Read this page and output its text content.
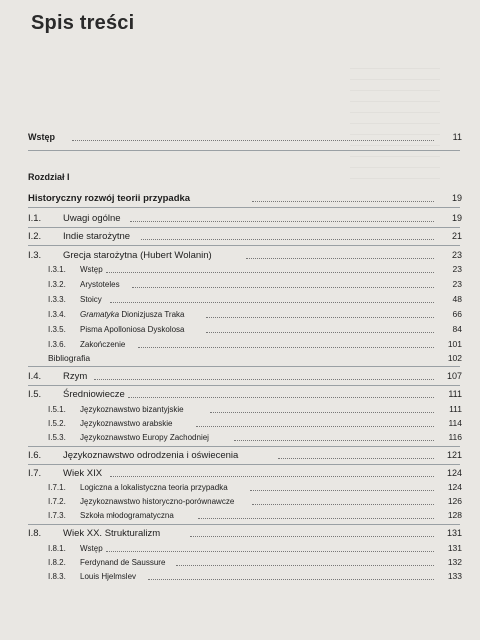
Spis treści
Wstęp	11
Rozdział I
Historyczny rozwój teorii przypadka	19
I.1. Uwagi ogólne	19
I.2. Indie starożytne	21
I.3. Grecja starożytna (Hubert Wolanin)	23
I.3.1. Wstęp	23
I.3.2. Arystoteles	23
I.3.3. Stoicy	48
I.3.4. Gramatyka Dionizjusza Traka	66
I.3.5. Pisma Apolloniosa Dyskolosa	84
I.3.6. Zakończenie	101
Bibliografia	102
I.4. Rzym	107
I.5. Średniowiecze	111
I.5.1. Językoznawstwo bizantyjskie	111
I.5.2. Językoznawstwo arabskie	114
I.5.3. Językoznawstwo Europy Zachodniej	116
I.6. Językoznawstwo odrodzenia i oświecenia	121
I.7. Wiek XIX	124
I.7.1. Logiczna a lokalistyczna teoria przypadka	124
I.7.2. Językoznawstwo historyczno-porównawcze	126
I.7.3. Szkoła młodogramatyczna	128
I.8. Wiek XX. Strukturalizm	131
I.8.1. Wstęp	131
I.8.2. Ferdynand de Saussure	132
I.8.3. Louis Hjelmslev	133
